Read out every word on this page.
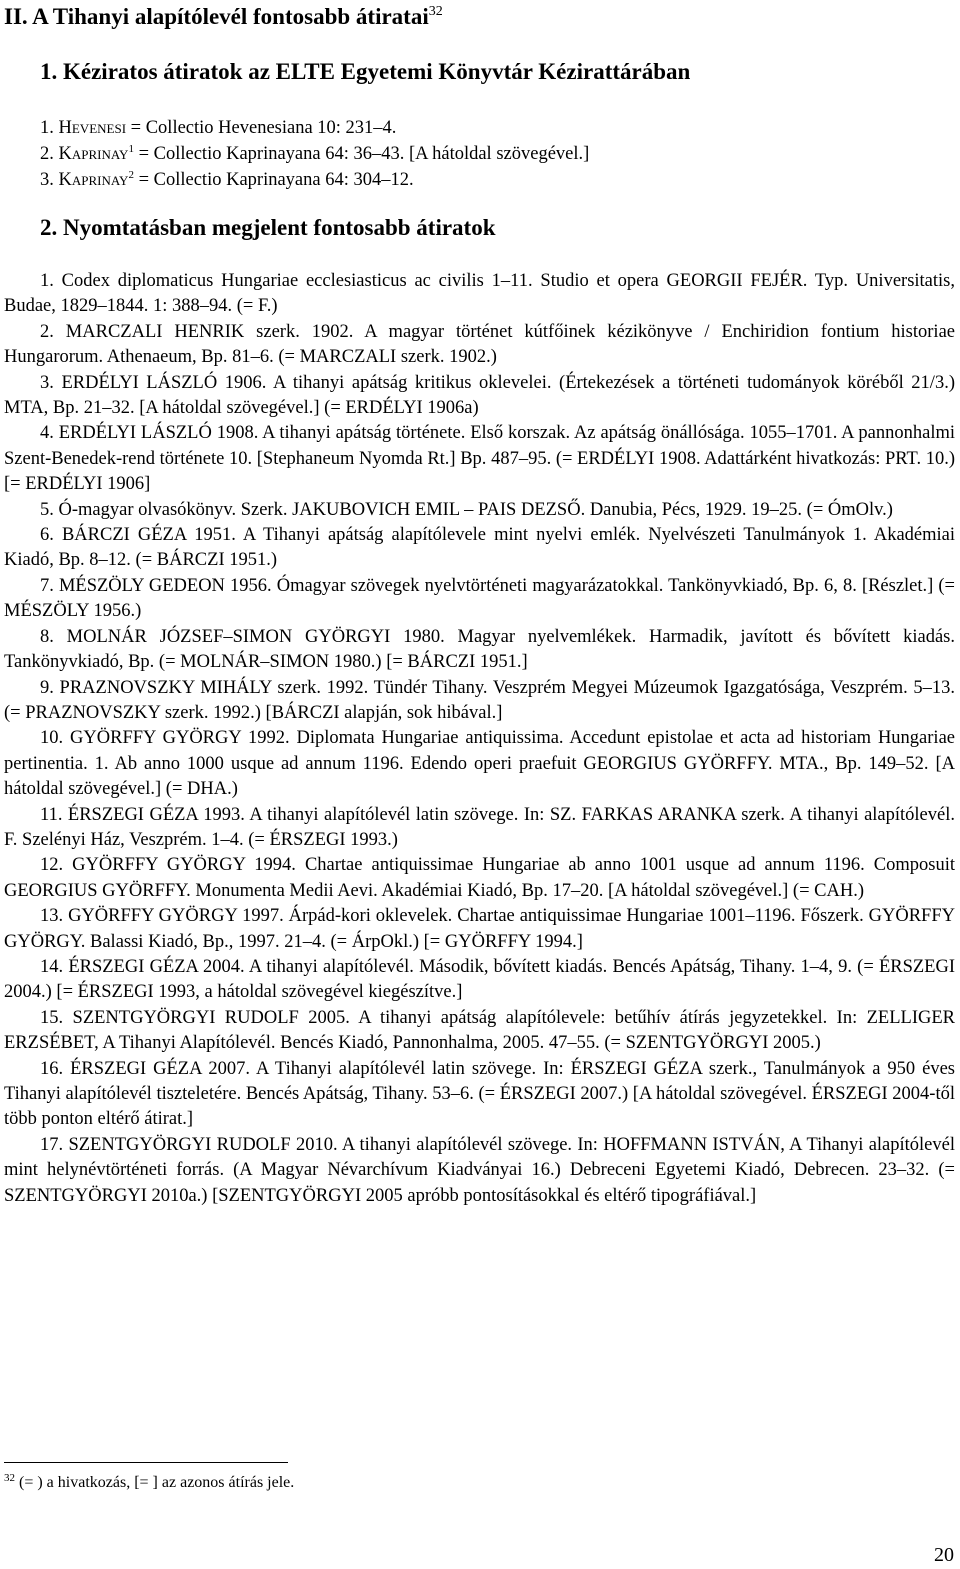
II. A Tihanyi alapítólevél fontosabb átiratai$^{32}$
1. Kéziratos átiratok az ELTE Egyetemi Könyvtár Kézirattárában
1. Hevenesi = Collectio Hevenesiana 10: 231–4.
2. Kaprinay$^1$ = Collectio Kaprinayana 64: 36–43. [A hátoldal szövegével.]
3. Kaprinay$^2$ = Collectio Kaprinayana 64: 304–12.
2. Nyomtatásban megjelent fontosabb átiratok

1. Codex diplomaticus Hungariae ecclesiasticus ac civilis 1–11. Studio et opera GEORGII FEJÉR. Typ. Universitatis, Budae, 1829–1844. 1: 388–94. (= F.)

2. MARCZALI HENRIK szerk. 1902. A magyar történet kútfőinek kézikönyve / Enchiridion fontium historiae Hungarorum. Athenaeum, Bp. 81–6. (= MARCZALI szerk. 1902.)

3. ERDÉLYI LÁSZLÓ 1906. A tihanyi apátság kritikus oklevelei. (Értekezések a történeti tudományok köréből 21/3.) MTA, Bp. 21–32. [A hátoldal szövegével.] (= ERDÉLYI 1906a)

4. ERDÉLYI LÁSZLÓ 1908. A tihanyi apátság története. Első korszak. Az apátság önállósága. 1055–1701. A pannonhalmi Szent-Benedek-rend története 10. [Stephaneum Nyomda Rt.] Bp. 487–95. (= ERDÉLYI 1908. Adattárként hivatkozás: PRT. 10.) [= ERDÉLYI 1906]

5. Ó-magyar olvasókönyv. Szerk. JAKUBOVICH EMIL – PAIS DEZSŐ. Danubia, Pécs, 1929. 19–25. (= ÓmOlv.)

6. BÁRCZI GÉZA 1951. A Tihanyi apátság alapítólevele mint nyelvi emlék. Nyelvészeti Tanulmányok 1. Akadémiai Kiadó, Bp. 8–12. (= BÁRCZI 1951.)

7. MÉSZÖLY GEDEON 1956. Ómagyar szövegek nyelvtörténeti magyarázatokkal. Tankönyvkiadó, Bp. 6, 8. [Részlet.] (= MÉSZÖLY 1956.)

8. MOLNÁR JÓZSEF–SIMON GYÖRGYI 1980. Magyar nyelvemlékek. Harmadik, javított és bővített kiadás. Tankönyvkiadó, Bp. (= MOLNÁR–SIMON 1980.) [= BÁRCZI 1951.]

9. PRAZNOVSZKY MIHÁLY szerk. 1992. Tündér Tihany. Veszprém Megyei Múzeumok Igazgatósága, Veszprém. 5–13. (= PRAZNOVSZKY szerk. 1992.) [BÁRCZI alapján, sok hibával.]

10. GYÖRFFY GYÖRGY 1992. Diplomata Hungariae antiquissima. Accedunt epistolae et acta ad historiam Hungariae pertinentia. 1. Ab anno 1000 usque ad annum 1196. Edendo operi praefuit GEORGIUS GYÖRFFY. MTA., Bp. 149–52. [A hátoldal szövegével.] (= DHA.)

11. ÉRSZEGI GÉZA 1993. A tihanyi alapítólevél latin szövege. In: SZ. FARKAS ARANKA szerk. A tihanyi alapítólevél. F. Szelényi Ház, Veszprém. 1–4. (= ÉRSZEGI 1993.)

12. GYÖRFFY GYÖRGY 1994. Chartae antiquissimae Hungariae ab anno 1001 usque ad annum 1196. Composuit GEORGIUS GYÖRFFY. Monumenta Medii Aevi. Akadémiai Kiadó, Bp. 17–20. [A hátoldal szövegével.] (= CAH.)

13. GYÖRFFY GYÖRGY 1997. Árpád-kori oklevelek. Chartae antiquissimae Hungariae 1001–1196. Főszerk. GYÖRFFY GYÖRGY. Balassi Kiadó, Bp., 1997. 21–4. (= ÁrpOkl.) [= GYÖRFFY 1994.]

14. ÉRSZEGI GÉZA 2004. A tihanyi alapítólevél. Második, bővített kiadás. Bencés Apátság, Tihany. 1–4, 9. (= ÉRSZEGI 2004.) [= ÉRSZEGI 1993, a hátoldal szövegével kiegészítve.]

15. SZENTGYÖRGYI RUDOLF 2005. A tihanyi apátság alapítólevele: betűhív átírás jegyzetekkel. In: ZELLIGER ERZSÉBET, A Tihanyi Alapítólevél. Bencés Kiadó, Pannonhalma, 2005. 47–55. (= SZENTGYÖRGYI 2005.)

16. ÉRSZEGI GÉZA 2007. A Tihanyi alapítólevél latin szövege. In: ÉRSZEGI GÉZA szerk., Tanulmányok a 950 éves Tihanyi alapítólevél tiszteletére. Bencés Apátság, Tihany. 53–6. (= ÉRSZEGI 2007.) [A hátoldal szövegével. ÉRSZEGI 2004-től több ponton eltérő átirat.]

17. SZENTGYÖRGYI RUDOLF 2010. A tihanyi alapítólevél szövege. In: HOFFMANN ISTVÁN, A Tihanyi alapítólevél mint helynévtörténeti forrás. (A Magyar Névarchívum Kiadványai 16.) Debreceni Egyetemi Kiadó, Debrecen. 23–32. (= SZENTGYÖRGYI 2010a.) [SZENTGYÖRGYI 2005 apróbb pontosításokkal és eltérő tipográfiával.]

$^{32}$ (= ) a hivatkozás, [= ] az azonos átírás jele.
20
